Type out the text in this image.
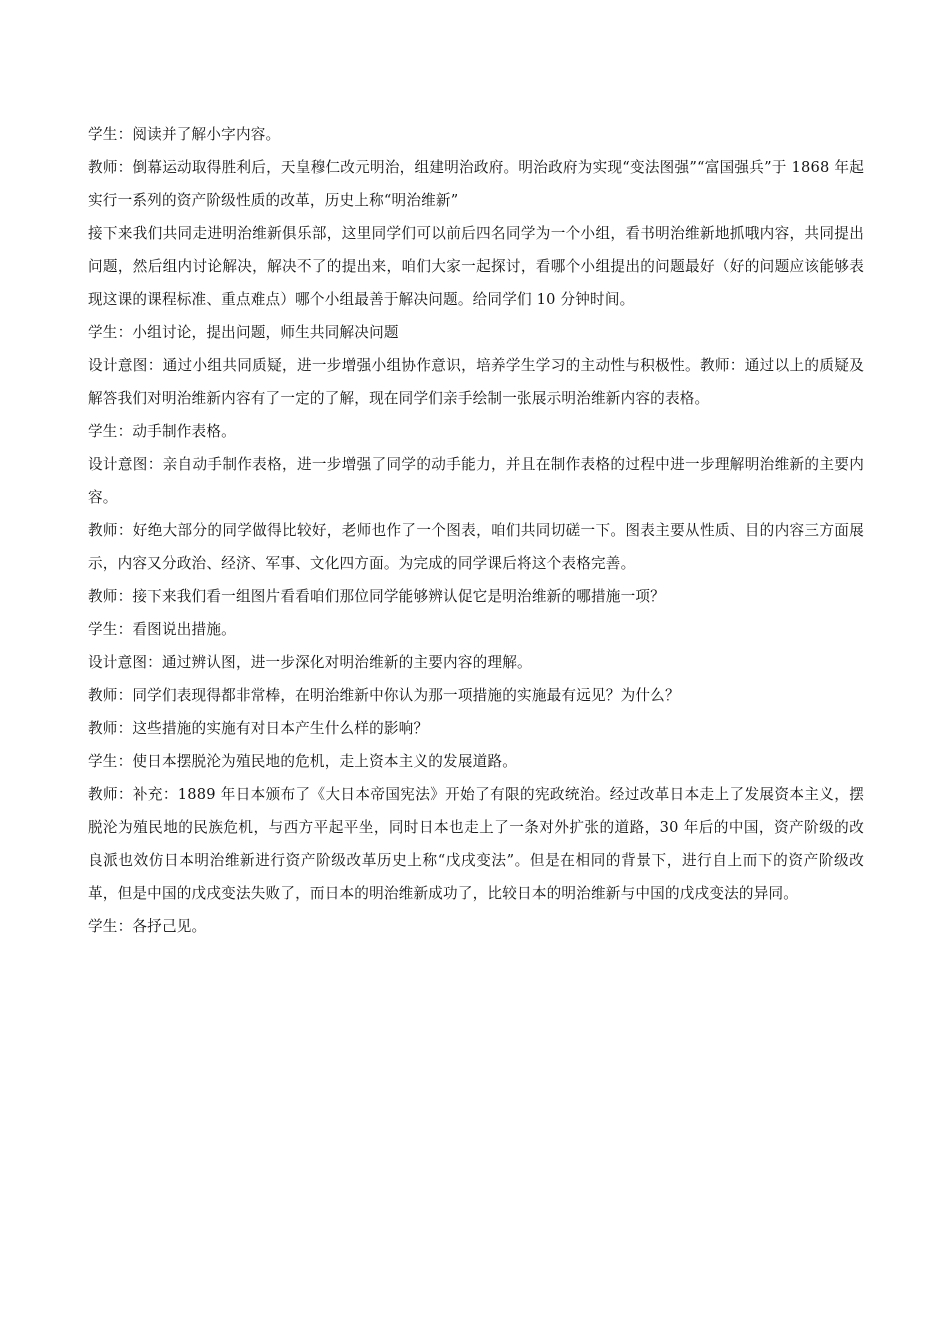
学生：阅读并了解小字内容。

教师：倒幕运动取得胜利后，天皇穆仁改元明治，组建明治政府。明治政府为实现“变法图强”“富国强兵”于 1868 年起实行一系列的资产阶级性质的改革，历史上称“明治维新”

接下来我们共同走进明治维新俱乐部，这里同学们可以前后四名同学为一个小组，看书明治维新地抓哦内容，共同提出问题，然后组内讨论解决，解决不了的提出来，咱们大家一起探讨，看哪个小组提出的问题最好（好的问题应该能够表现这课的课程标准、重点难点）哪个小组最善于解决问题。给同学们 10 分钟时间。

学生：小组讨论，提出问题，师生共同解决问题

设计意图：通过小组共同质疑，进一步增强小组协作意识，培养学生学习的主动性与积极性。教师：通过以上的质疑及解答我们对明治维新内容有了一定的了解，现在同学们亲手绘制一张展示明治维新内容的表格。

学生：动手制作表格。

设计意图：亲自动手制作表格，进一步增强了同学的动手能力，并且在制作表格的过程中进一步理解明治维新的主要内容。

教师：好绝大部分的同学做得比较好，老师也作了一个图表，咱们共同切磋一下。图表主要从性质、目的内容三方面展示，内容又分政治、经济、军事、文化四方面。为完成的同学课后将这个表格完善。

教师：接下来我们看一组图片看看咱们那位同学能够辨认促它是明治维新的哪措施一项？

学生：看图说出措施。

设计意图：通过辨认图，进一步深化对明治维新的主要内容的理解。

教师：同学们表现得都非常棒，在明治维新中你认为那一项措施的实施最有远见？为什么？

教师：这些措施的实施有对日本产生什么样的影响？

学生：使日本摆脱沦为殖民地的危机，走上资本主义的发展道路。

教师：补充：1889 年日本颁布了《大日本帝国宪法》开始了有限的宪政统治。经过改革日本走上了发展资本主义，摆脱沦为殖民地的民族危机，与西方平起平坐，同时日本也走上了一条对外扩张的道路，30 年后的中国，资产阶级的改良派也效仿日本明治维新进行资产阶级改革历史上称“戊戌变法”。但是在相同的背景下，进行自上而下的资产阶级改革，但是中国的戊戌变法失败了，而日本的明治维新成功了，比较日本的明治维新与中国的戊戌变法的异同。

学生：各抒己见。
